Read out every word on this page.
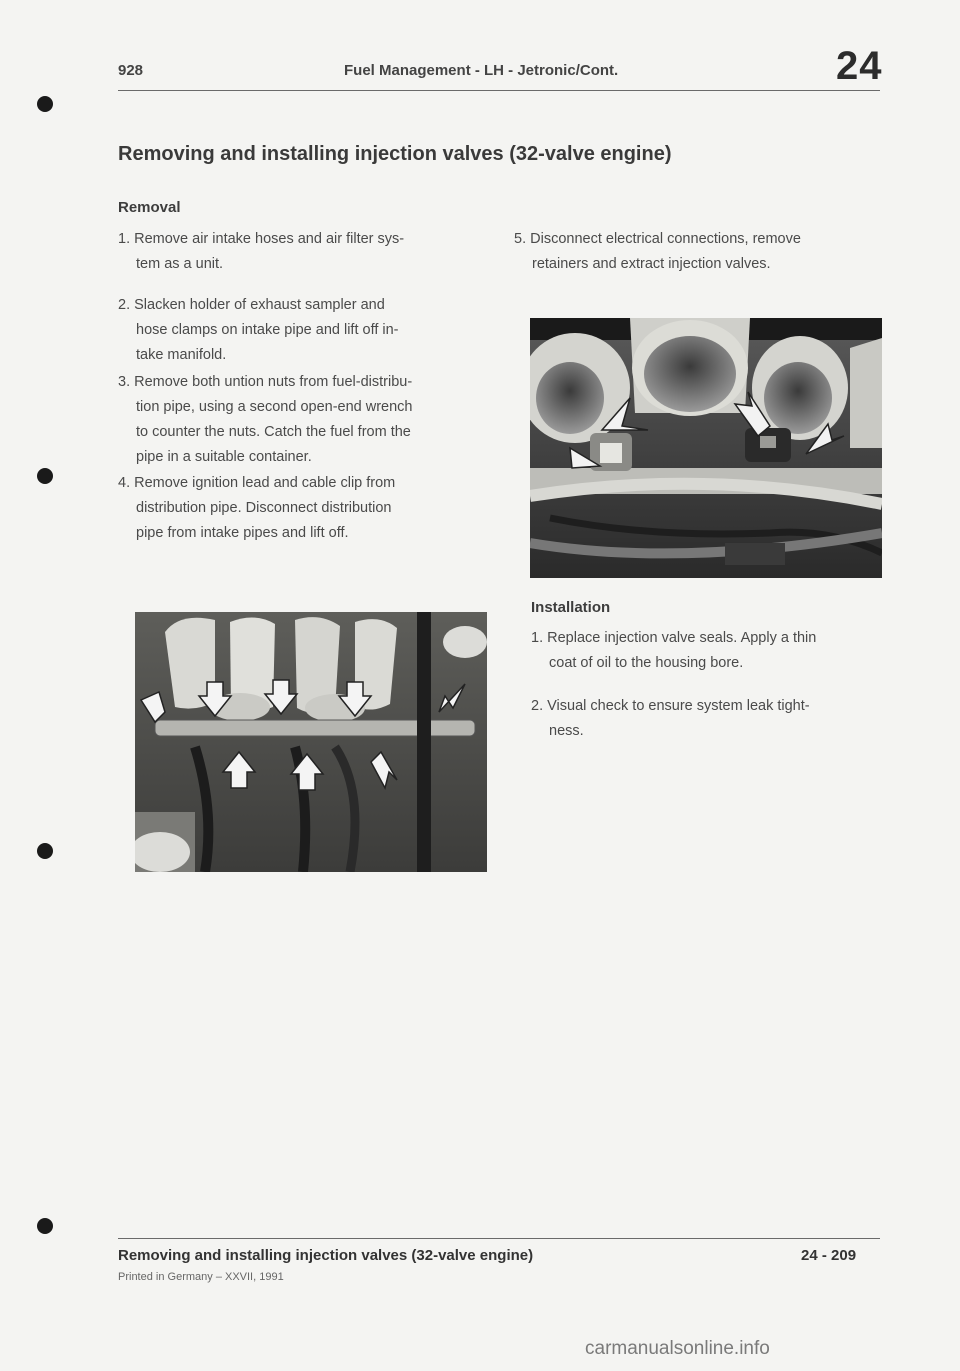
928	Fuel Management - LH - Jetronic/Cont.	24
Removing and installing injection valves (32-valve engine)
Removal
1. Remove air intake hoses and air filter sys-
tem as a unit.
2. Slacken holder of exhaust sampler and
hose clamps on intake pipe and lift off in-
take manifold.
3. Remove both untion nuts from fuel-distribu-
tion pipe, using a second open-end wrench
to counter the nuts. Catch the fuel from the
pipe in a suitable container.
4. Remove ignition lead and cable clip from
distribution pipe. Disconnect distribution
pipe from intake pipes and lift off.
5. Disconnect electrical connections, remove
retainers and extract injection valves.
Installation
1. Replace injection valve seals. Apply a thin
coat of oil to the housing bore.
2. Visual check to ensure system leak tight-
ness.
Removing and installing injection valves (32-valve engine)	24 - 209
Printed in Germany – XXVII, 1991
carmanualsonline.info
